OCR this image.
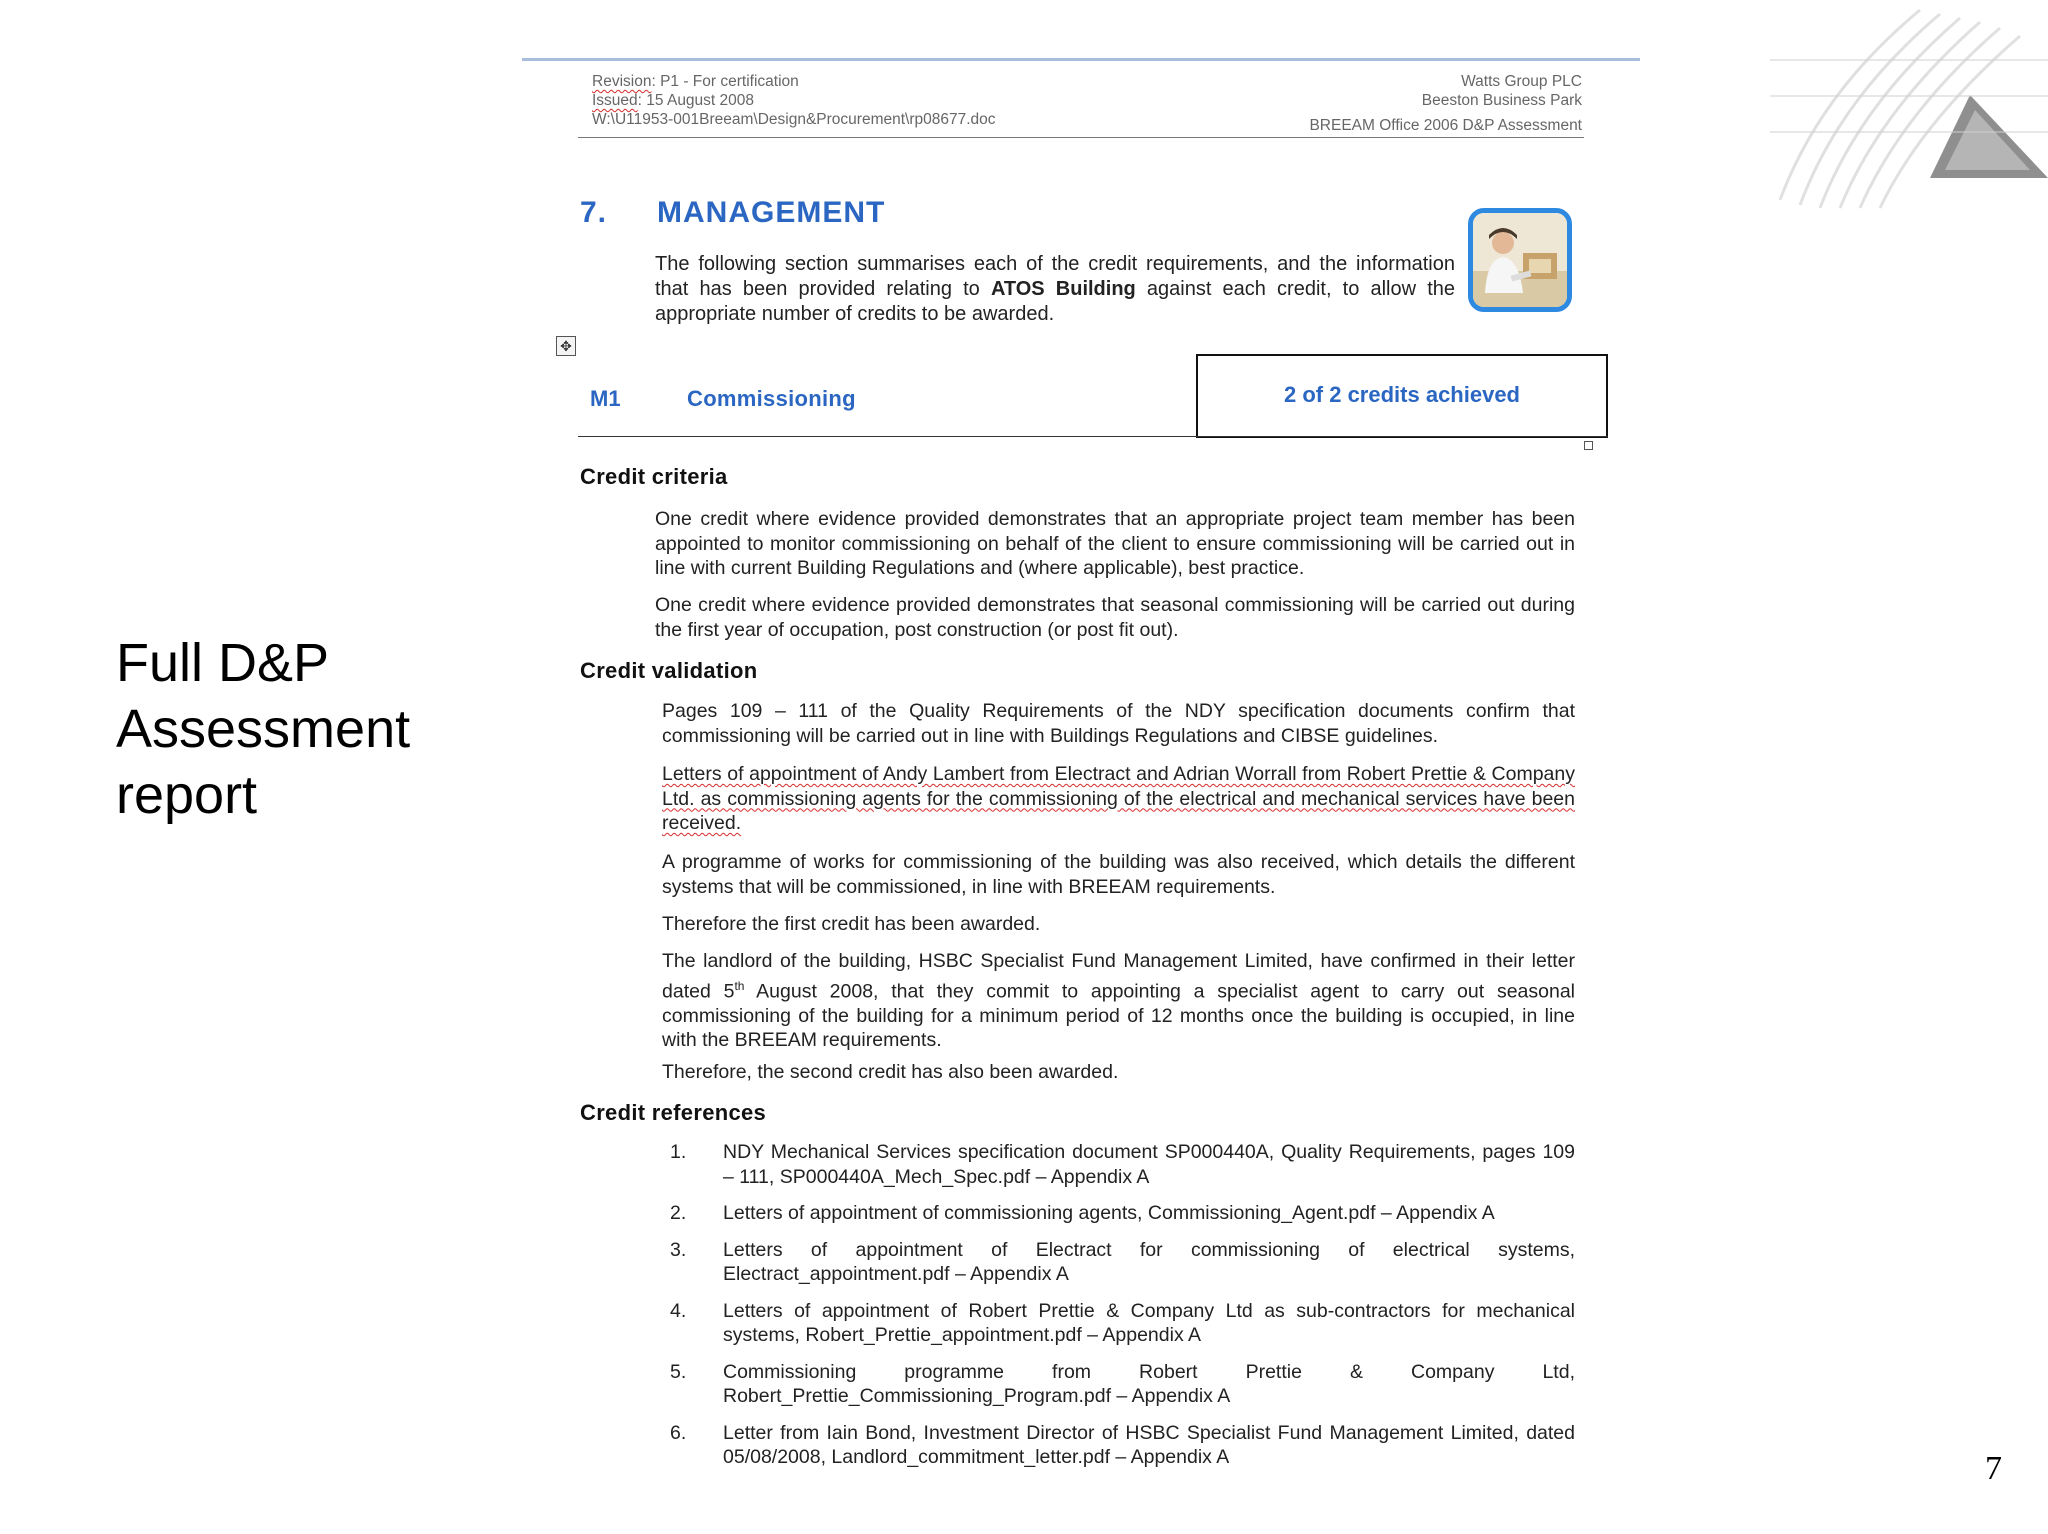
Full D&P Assessment report
7
Revision: P1 - For certification
Issued: 15 August 2008
W:\U11953-001Breeam\Design&Procurement\rp08677.doc
Watts Group PLC
Beeston Business Park
BREEAM Office 2006 D&P Assessment
7. MANAGEMENT
The following section summarises each of the credit requirements, and the information that has been provided relating to ATOS Building against each credit, to allow the appropriate number of credits to be awarded.
✥
M1	Commissioning	2 of 2 credits achieved
Credit criteria
One credit where evidence provided demonstrates that an appropriate project team member has been appointed to monitor commissioning on behalf of the client to ensure commissioning will be carried out in line with current Building Regulations and (where applicable), best practice.
One credit where evidence provided demonstrates that seasonal commissioning will be carried out during the first year of occupation, post construction (or post fit out).
Credit validation
Pages 109 – 111 of the Quality Requirements of the NDY specification documents confirm that commissioning will be carried out in line with Buildings Regulations and CIBSE guidelines.
Letters of appointment of Andy Lambert from Electract and Adrian Worrall from Robert Prettie & Company Ltd. as commissioning agents for the commissioning of the electrical and mechanical services have been received.
A programme of works for commissioning of the building was also received, which details the different systems that will be commissioned, in line with BREEAM requirements.
Therefore the first credit has been awarded.
The landlord of the building, HSBC Specialist Fund Management Limited, have confirmed in their letter dated 5th August 2008, that they commit to appointing a specialist agent to carry out seasonal commissioning of the building for a minimum period of 12 months once the building is occupied, in line with the BREEAM requirements.
Therefore, the second credit has also been awarded.
Credit references
1.	NDY Mechanical Services specification document SP000440A, Quality Requirements, pages 109 – 111, SP000440A_Mech_Spec.pdf – Appendix A
2.	Letters of appointment of commissioning agents, Commissioning_Agent.pdf – Appendix A
3.	Letters of appointment of Electract for commissioning of electrical systems, Electract_appointment.pdf – Appendix A
4.	Letters of appointment of Robert Prettie & Company Ltd as sub-contractors for mechanical systems, Robert_Prettie_appointment.pdf – Appendix A
5.	Commissioning programme from Robert Prettie & Company Ltd, Robert_Prettie_Commissioning_Program.pdf – Appendix A
6.	Letter from Iain Bond, Investment Director of HSBC Specialist Fund Management Limited, dated 05/08/2008, Landlord_commitment_letter.pdf – Appendix A
